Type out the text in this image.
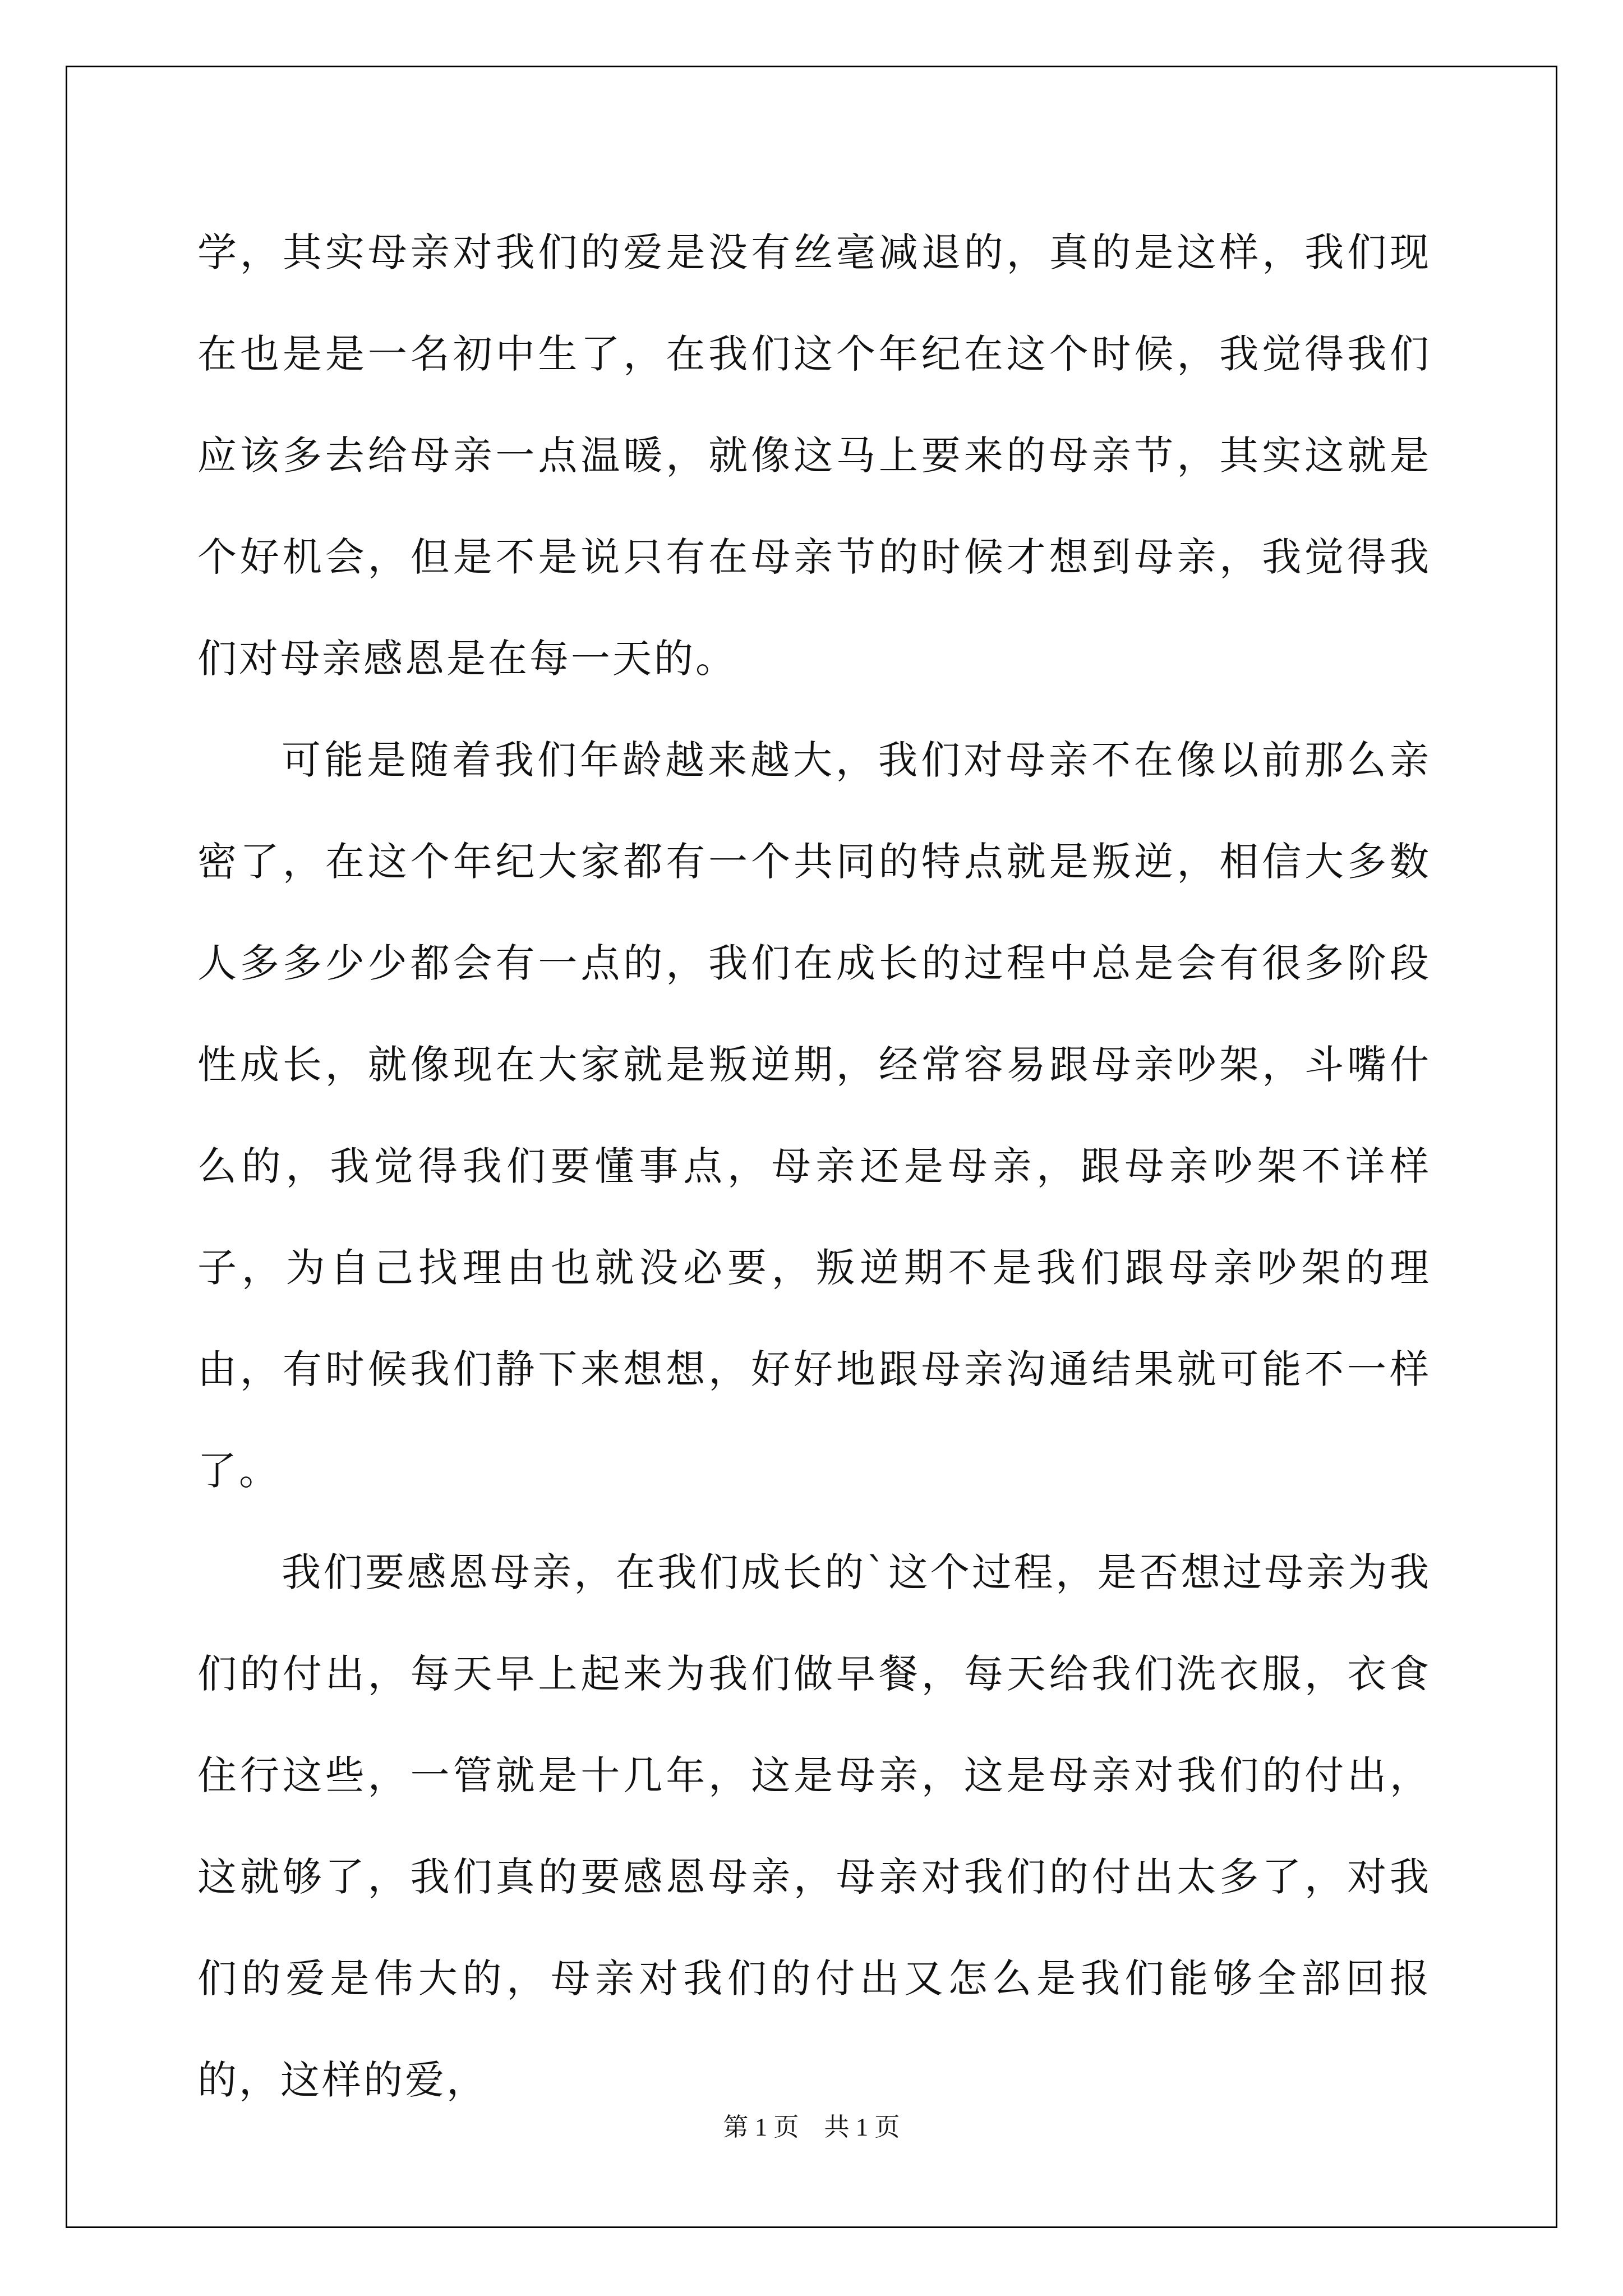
学，其实母亲对我们的爱是没有丝毫减退的，真的是这样，我们现在也是是一名初中生了，在我们这个年纪在这个时候，我觉得我们应该多去给母亲一点温暖，就像这马上要来的母亲节，其实这就是个好机会，但是不是说只有在母亲节的时候才想到母亲，我觉得我们对母亲感恩是在每一天的。

可能是随着我们年龄越来越大，我们对母亲不在像以前那么亲密了，在这个年纪大家都有一个共同的特点就是叛逆，相信大多数人多多少少都会有一点的，我们在成长的过程中总是会有很多阶段性成长，就像现在大家就是叛逆期，经常容易跟母亲吵架，斗嘴什么的，我觉得我们要懂事点，母亲还是母亲，跟母亲吵架不详样子，为自己找理由也就没必要，叛逆期不是我们跟母亲吵架的理由，有时候我们静下来想想，好好地跟母亲沟通结果就可能不一样了。

我们要感恩母亲，在我们成长的`这个过程，是否想过母亲为我们的付出，每天早上起来为我们做早餐，每天给我们洗衣服，衣食住行这些，一管就是十几年，这是母亲，这是母亲对我们的付出，这就够了，我们真的要感恩母亲，母亲对我们的付出太多了，对我们的爱是伟大的，母亲对我们的付出又怎么是我们能够全部回报的，这样的爱，

第 1 页　共 1 页
